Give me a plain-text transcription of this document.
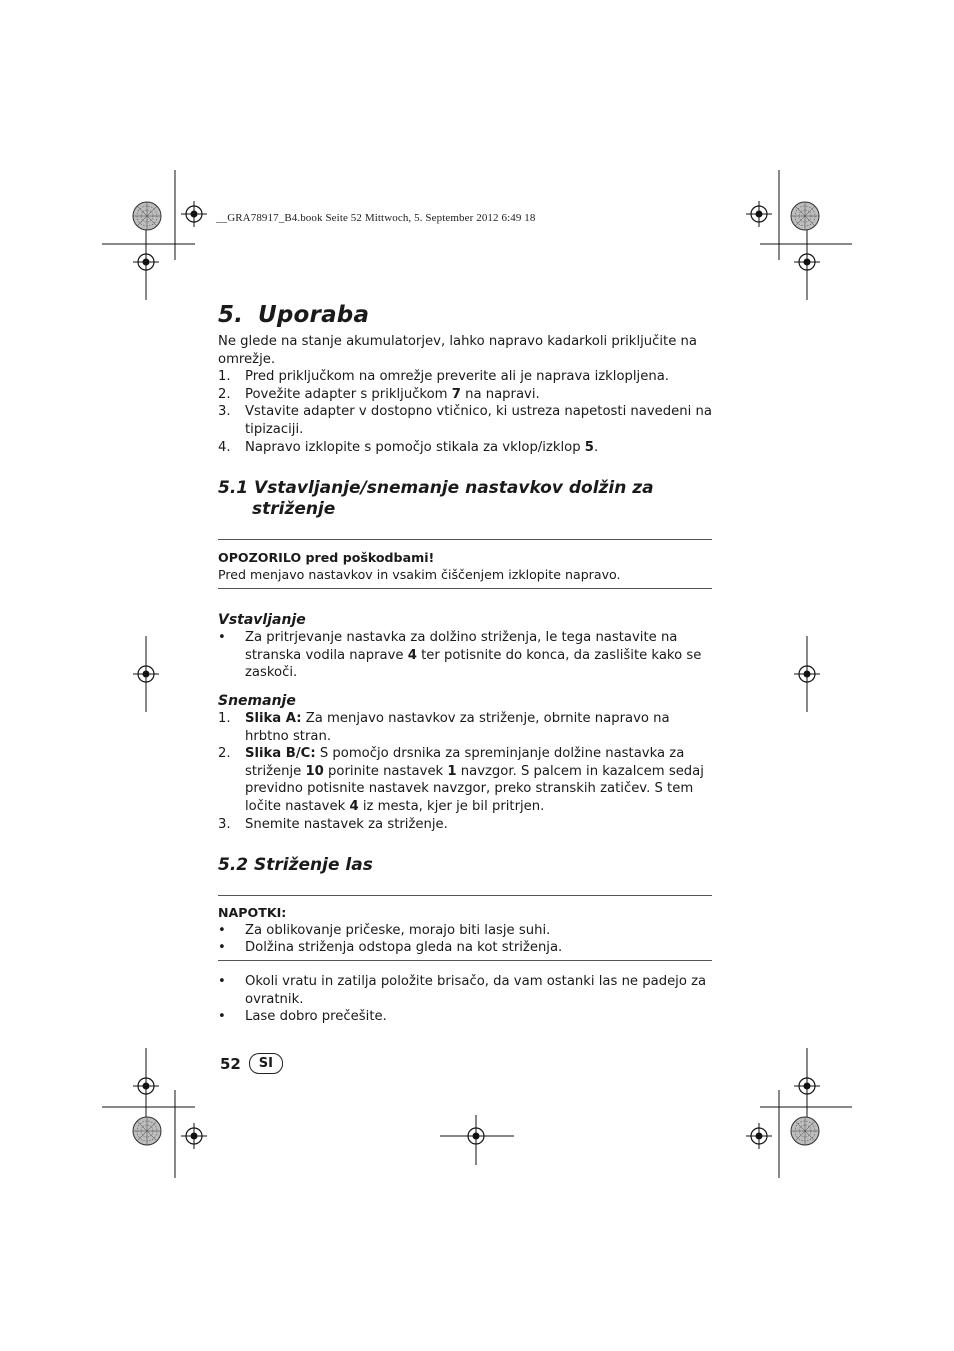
__GRA78917_B4.book Seite 52 Mittwoch, 5. September 2012 6:49 18
5. Uporaba

Ne glede na stanje akumulatorjev, lahko napravo kadarkoli priključite na omrežje.

1. Pred priključkom na omrežje preverite ali je naprava izklopljena.
2. Povežite adapter s priključkom 7 na napravi.
3. Vstavite adapter v dostopno vtičnico, ki ustreza napetosti navedeni na tipizaciji.
4. Napravo izklopite s pomočjo stikala za vklop/izklop 5.
5.1 Vstavljanje/snemanje nastavkov dolžin za
striženje
OPOZORILO pred poškodbami!
Pred menjavo nastavkov in vsakim čiščenjem izklopite napravo.
Vstavljanje
• Za pritrjevanje nastavka za dolžino striženja, le tega nastavite na stranska vodila naprave 4 ter potisnite do konca, da zaslišite kako se zaskoči.
Snemanje
1. Slika A: Za menjavo nastavkov za striženje, obrnite napravo na hrbtno stran.
2. Slika B/C: S pomočjo drsnika za spreminjanje dolžine nastavka za striženje 10 porinite nastavek 1 navzgor. S palcem in kazalcem sedaj previdno potisnite nastavek navzgor, preko stranskih zatičev. S tem ločite nastavek 4 iz mesta, kjer je bil pritrjen.
3. Snemite nastavek za striženje.
5.2 Striženje las
NAPOTKI:
• Za oblikovanje pričeske, morajo biti lasje suhi.
• Dolžina striženja odstopa gleda na kot striženja.
• Okoli vratu in zatilja položite brisačo, da vam ostanki las ne padejo za ovratnik.
• Lase dobro prečešite.
52	SI
